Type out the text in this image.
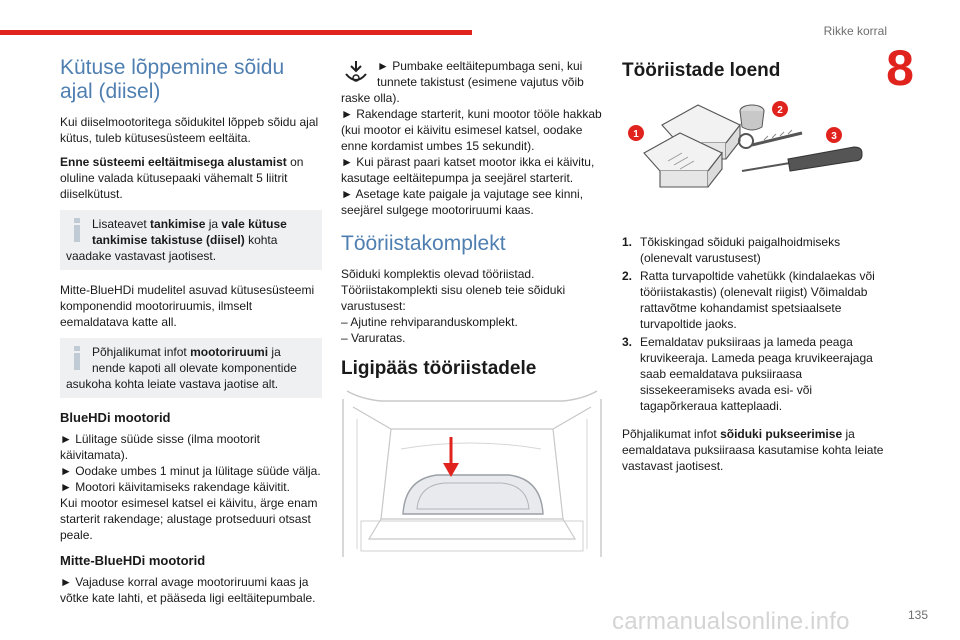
Rikke korral
8
Kütuse lõppemine sõidu ajal (diisel)

Kui diiselmootoritega sõidukitel lõppeb sõidu ajal kütus, tuleb kütusesüsteem eeltäita.

Enne süsteemi eeltäitmisega alustamist on oluline valada kütusepaaki vähemalt 5 liitrit diiselkütust.

Lisateavet tankimise ja vale kütuse tankimise takistuse (diisel) kohta vaadake vastavast jaotisest.

Mitte-BlueHDi mudelitel asuvad kütusesüsteemi komponendid mootoriruumis, ilmselt eemaldatava katte all.

Põhjalikumat infot mootoriruumi ja nende kapoti all olevate komponentide asukoha kohta leiate vastava jaotise alt.
BlueHDi mootorid

► Lülitage süüde sisse (ilma mootorit käivitamata).
► Oodake umbes 1 minut ja lülitage süüde välja.
► Mootori käivitamiseks rakendage käivitit.
Kui mootor esimesel katsel ei käivitu, ärge enam starterit rakendage; alustage protseduuri otsast peale.

Mitte-BlueHDi mootorid

► Vajaduse korral avage mootoriruumi kaas ja võtke kate lahti, et pääseda ligi eeltäitepumbale.

► Pumbake eeltäitepumbaga seni, kui tunnete takistust (esimene vajutus võib raske olla).
► Rakendage starterit, kuni mootor tööle hakkab (kui mootor ei käivitu esimesel katsel, oodake enne kordamist umbes 15 sekundit).
► Kui pärast paari katset mootor ikka ei käivitu, kasutage eeltäitepumpa ja seejärel starterit.
► Asetage kate paigale ja vajutage see kinni, seejärel sulgege mootoriruumi kaas.

Tööriistakomplekt

Sõiduki komplektis olevad tööriistad.
Tööriistakomplekti sisu oleneb teie sõiduki varustusest:
– Ajutine rehviparanduskomplekt.
– Varuratas.

Ligipääs tööriistadele
Tööriistade loend
1
2
3
1. Tõkiskingad sõiduki paigalhoidmiseks (olenevalt varustusest)
2. Ratta turvapoltide vahetükk (kindalaekas või tööriistakastis) (olenevalt riigist) Võimaldab rattavõtme kohandamist spetsiaalsete turvapoltide jaoks.
3. Eemaldatav puksiiraas ja lameda peaga kruvikeeraja. Lameda peaga kruvikeerajaga saab eemaldatava puksiiraasa sissekeeramiseks avada esi- või tagapõrkeraua katteplaadi.

Põhjalikumat infot sõiduki pukseerimise ja eemaldatava puksiiraasa kasutamise kohta leiate vastavast jaotisest.

135
carmanualsonline.info
